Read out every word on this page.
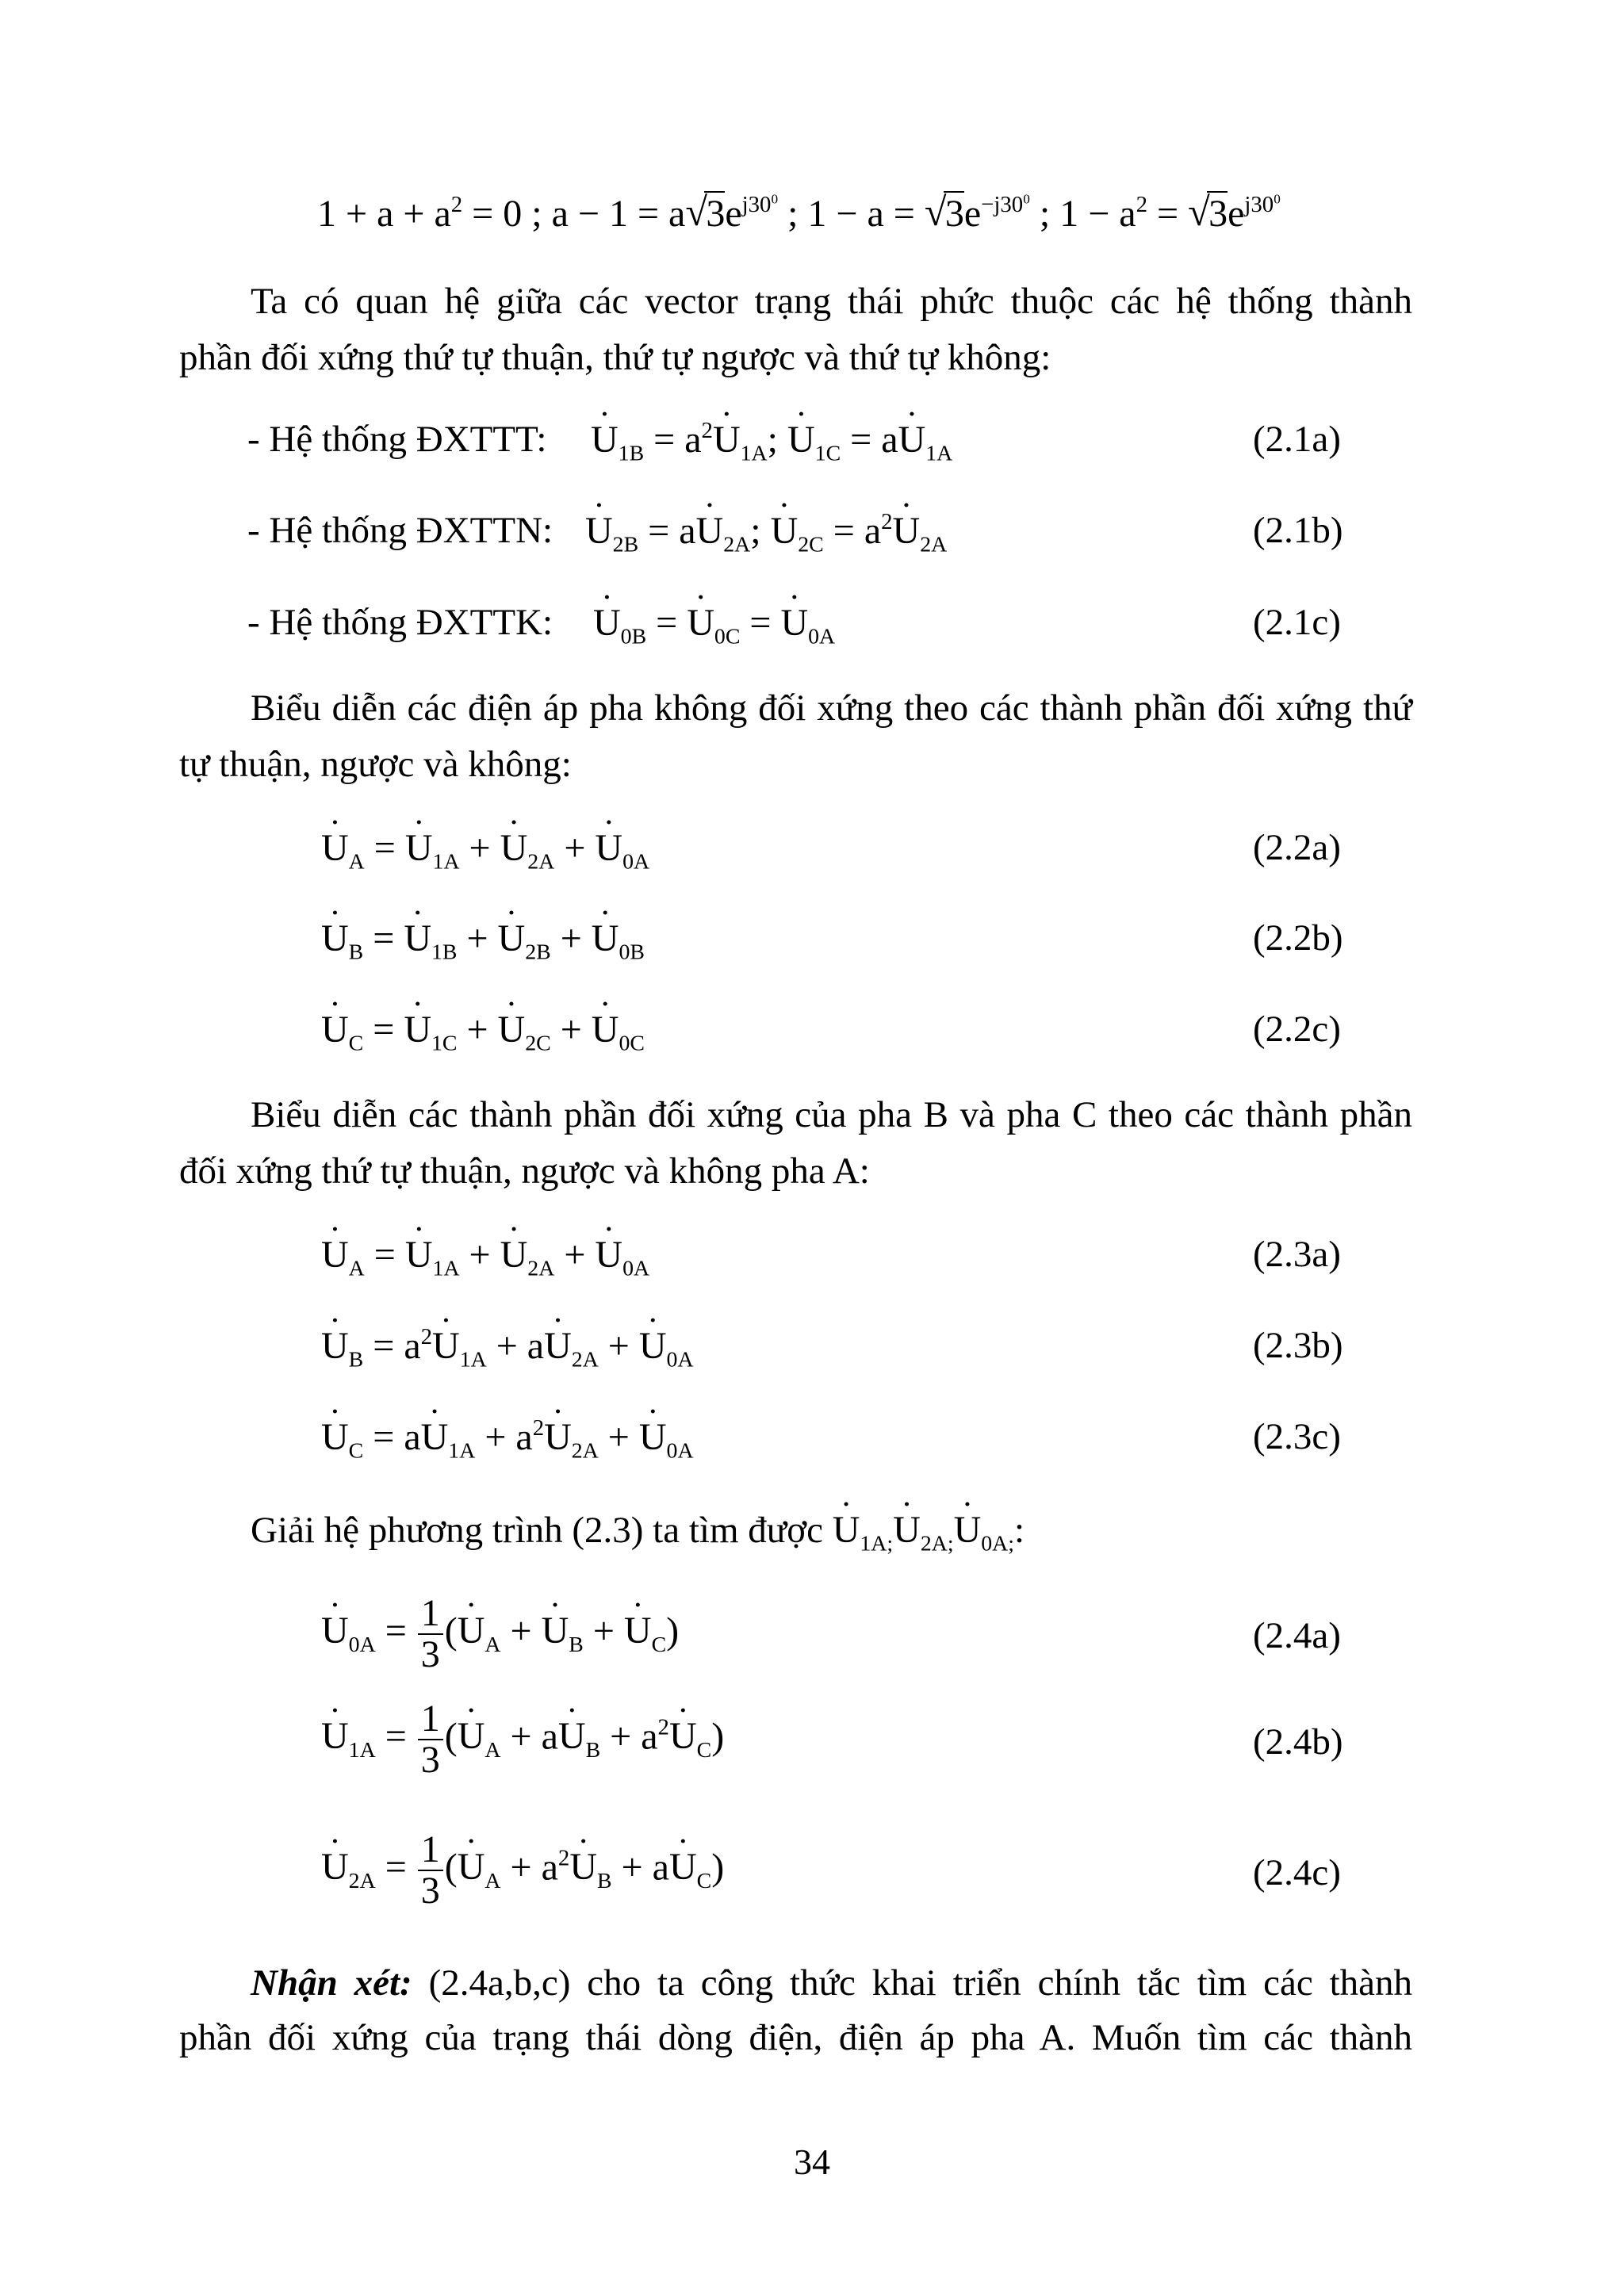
$1 + a + a^2 = 0$ ; a − 1 = a √
$3e^{j30^0}$ ; 1 − a = √
$3e^{-j30^0}$ ; $1 - a^2$ = √
$3e^{j30^0}$
Ta có quan hệ giữa các vector trạng thái phức thuộc các hệ thống thành
phần đối xứng thứ tự thuận, thứ tự ngược và thứ tự không:
- Hệ thống ĐXTTT: ˙ $U_{1B}$ = $a^2˙$ $U_{1A}$; ˙ $U_{1C}$ = a˙ $U_{1A}$	(2.1a)
- Hệ thống ĐXTTN: ˙ $U_{2B}$ = a˙ $U_{2A}$; ˙ $U_{2C}$ = $a^2˙$ $U_{2A}$	(2.1b)
- Hệ thống ĐXTTK: ˙ $U_{0B}$ = ˙ $U_{0C}$ = ˙ $U_{0A}$	(2.1c)
Biểu diễn các điện áp pha không đối xứng theo các thành phần đối xứng thứ
tự thuận, ngược và không:
˙ $U_A$ = ˙ $U_{1A}$ + ˙ $U_{2A}$ + ˙ $U_{0A}$	(2.2a)
˙ $U_B$ = ˙ $U_{1B}$ + ˙ $U_{2B}$ + ˙ $U_{0B}$	(2.2b)
˙ $U_C$ = ˙ $U_{1C}$ + ˙ $U_{2C}$ + ˙ $U_{0C}$	(2.2c)
Biểu diễn các thành phần đối xứng của pha B và pha C theo các thành phần
đối xứng thứ tự thuận, ngược và không pha A:
˙ $U_A$ = ˙ $U_{1A}$ + ˙ $U_{2A}$ + ˙ $U_{0A}$	(2.3a)
˙ $U_B$ = $a^2˙$ $U_{1A}$ + a˙ $U_{2A}$ + ˙ $U_{0A}$	(2.3b)
˙ $U_C$ = a˙ $U_{1A}$ + $a^2˙$ $U_{2A}$ + ˙ $U_{0A}$	(2.3c)
Giải hệ phương trình (2.3) ta tìm được ˙ $U_{1A;}˙$ $U_{2A;}˙$ $U_{0A;}$:
˙ $U_{0A} = \frac{1}{3}$ (˙ $U_A$ + ˙ $U_B$ + ˙ $U_C$)	(2.4a)
˙ $U_{1A} = \frac{1}{3}$ (˙ $U_A$ + a˙ $U_B$ + $a^2˙$ $U_C$)	(2.4b)
˙ $U_{2A} = \frac{1}{3}$ (˙ $U_A$ + $a^2˙$ $U_B$ + a˙ $U_C$)	(2.4c)
Nhận xét: (2.4a,b,c) cho ta công thức khai triển chính tắc tìm các thành
phần đối xứng của trạng thái dòng điện, điện áp pha A. Muốn tìm các thành
34
